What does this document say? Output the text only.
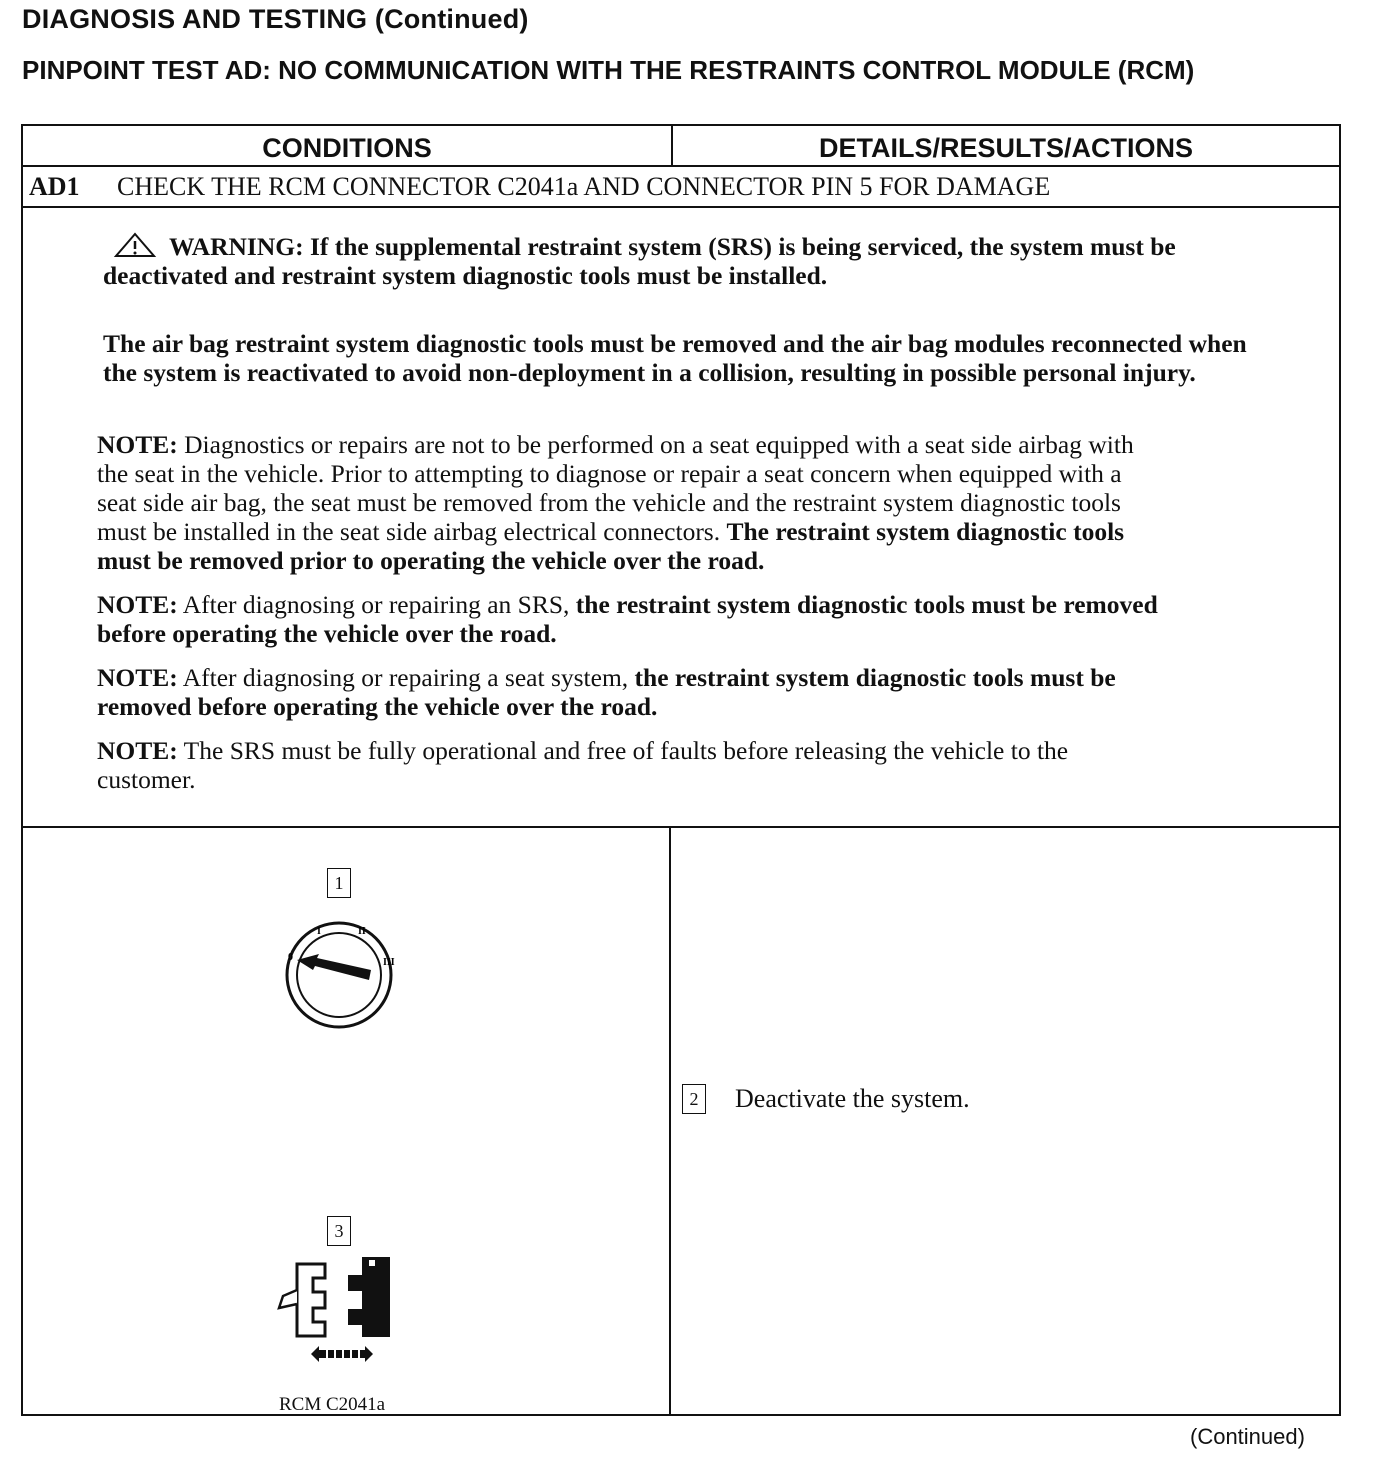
DIAGNOSIS AND TESTING (Continued)
PINPOINT TEST AD: NO COMMUNICATION WITH THE RESTRAINTS CONTROL MODULE (RCM)
CONDITIONS	DETAILS/RESULTS/ACTIONS
AD1 CHECK THE RCM CONNECTOR C2041a AND CONNECTOR PIN 5 FOR DAMAGE

WARNING: If the supplemental restraint system (SRS) is being serviced, the system must be deactivated and restraint system diagnostic tools must be installed.

The air bag restraint system diagnostic tools must be removed and the air bag modules reconnected when the system is reactivated to avoid non-deployment in a collision, resulting in possible personal injury.

NOTE: Diagnostics or repairs are not to be performed on a seat equipped with a seat side airbag with the seat in the vehicle. Prior to attempting to diagnose or repair a seat concern when equipped with a seat side air bag, the seat must be removed from the vehicle and the restraint system diagnostic tools must be installed in the seat side airbag electrical connectors. The restraint system diagnostic tools must be removed prior to operating the vehicle over the road.

NOTE: After diagnosing or repairing an SRS, the restraint system diagnostic tools must be removed before operating the vehicle over the road.

NOTE: After diagnosing or repairing a seat system, the restraint system diagnostic tools must be removed before operating the vehicle over the road.

NOTE: The SRS must be fully operational and free of faults before releasing the vehicle to the customer.

1
0
I	II
III
2 Deactivate the system.
3
RCM C2041a
(Continued)
